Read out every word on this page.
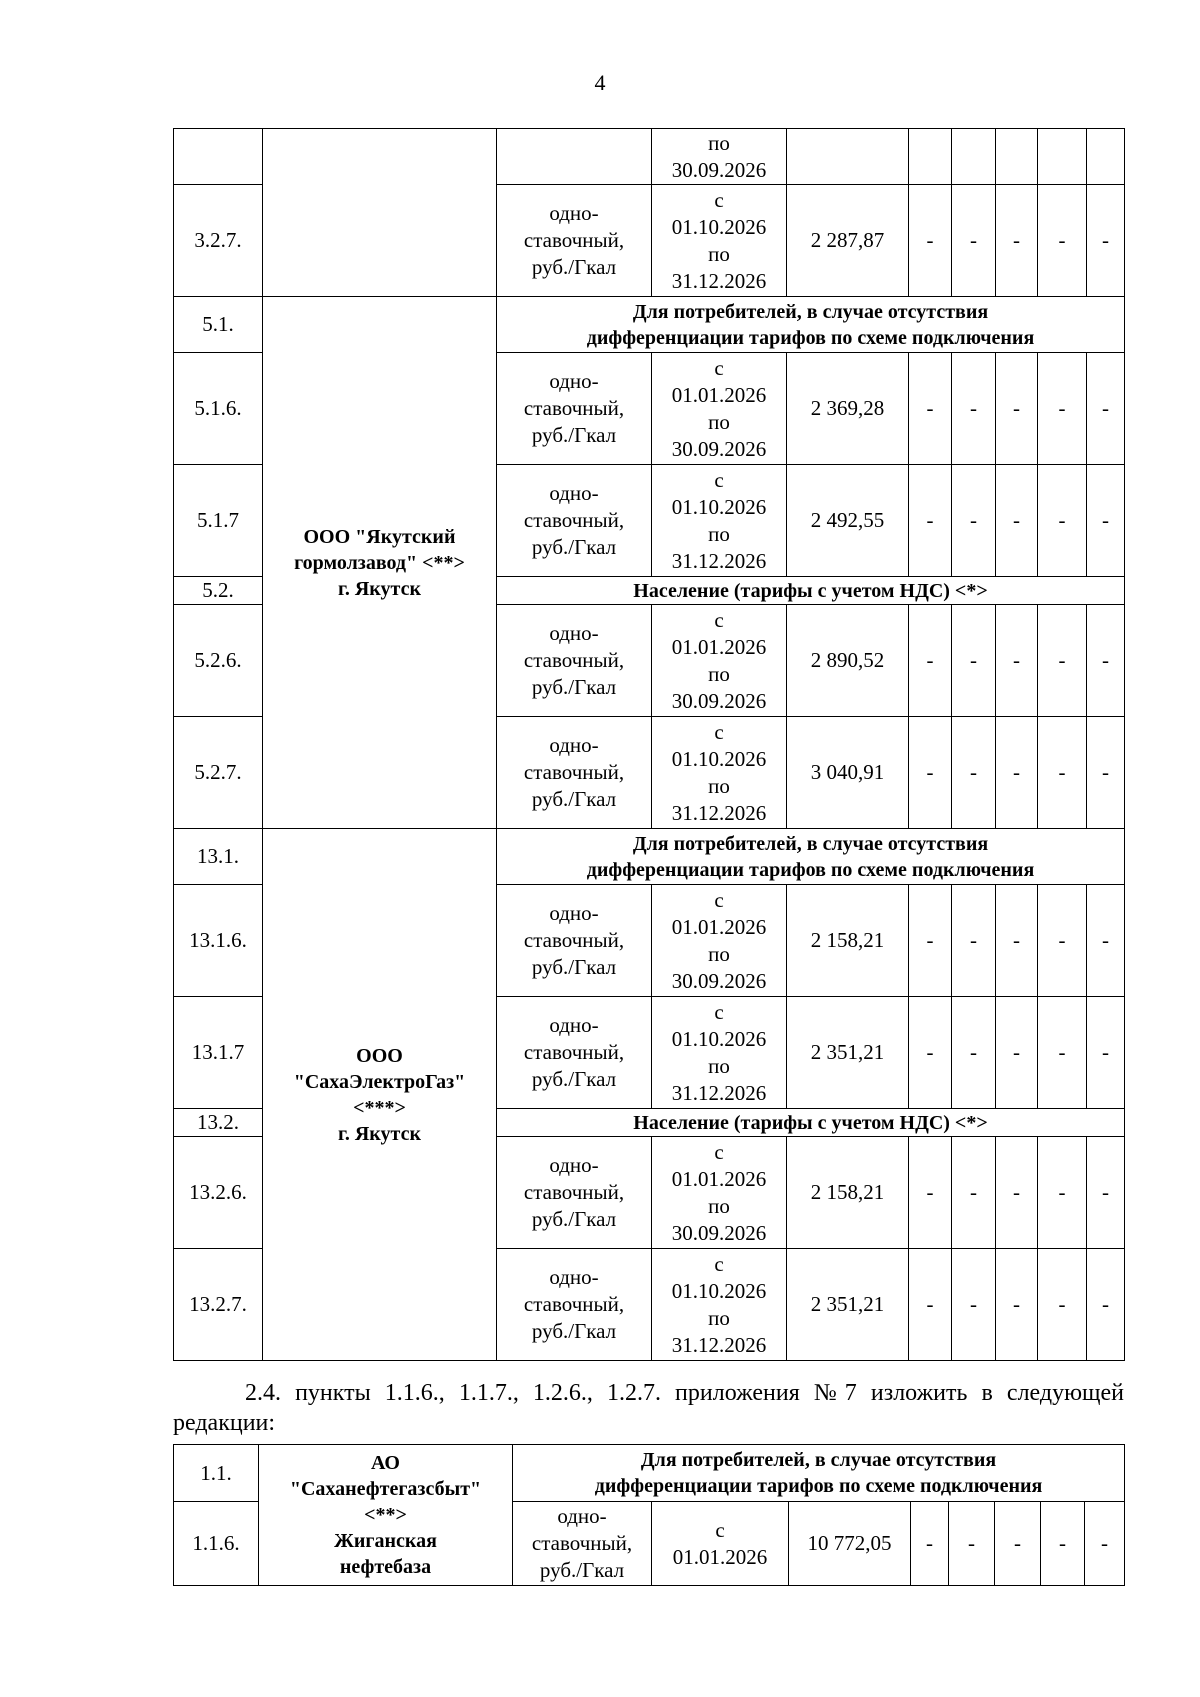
4
			по
30.09.2026						
3.2.7.		одно-
ставочный,
руб./Гкал	с
01.10.2026
по
31.12.2026	2 287,87	-	-	-	-	-
5.1.	ООО "Якутский
гормолзавод" <**>
г. Якутск	Для потребителей, в случае отсутствия
дифференциации тарифов по схеме подключения							
5.1.6.		одно-
ставочный,
руб./Гкал	с
01.01.2026
по
30.09.2026	2 369,28	-	-	-	-	-
5.1.7		одно-
ставочный,
руб./Гкал	с
01.10.2026
по
31.12.2026	2 492,55	-	-	-	-	-
5.2.		Население (тарифы с учетом НДС) <*>							
5.2.6.		одно-
ставочный,
руб./Гкал	с
01.01.2026
по
30.09.2026	2 890,52	-	-	-	-	-
5.2.7.		одно-
ставочный,
руб./Гкал	с
01.10.2026
по
31.12.2026	3 040,91	-	-	-	-	-
13.1.	ООО
"СахаЭлектроГаз"
<***>
г. Якутск	Для потребителей, в случае отсутствия
дифференциации тарифов по схеме подключения							
13.1.6.		одно-
ставочный,
руб./Гкал	с
01.01.2026
по
30.09.2026	2 158,21	-	-	-	-	-
13.1.7		одно-
ставочный,
руб./Гкал	с
01.10.2026
по
31.12.2026	2 351,21	-	-	-	-	-
13.2.		Население (тарифы с учетом НДС) <*>							
13.2.6.		одно-
ставочный,
руб./Гкал	с
01.01.2026
по
30.09.2026	2 158,21	-	-	-	-	-
13.2.7.		одно-
ставочный,
руб./Гкал	с
01.10.2026
по
31.12.2026	2 351,21	-	-	-	-	-
2.4. пункты 1.1.6., 1.1.7., 1.2.6., 1.2.7. приложения №7 изложить в следующей редакции:
1.1.	АО
"Саханефтегазсбыт"
<**>
Жиганская
нефтебаза	Для потребителей, в случае отсутствия
дифференциации тарифов по схеме подключения							
1.1.6.		одно-
ставочный,
руб./Гкал	с
01.01.2026	10 772,05	-	-	-	-	-
